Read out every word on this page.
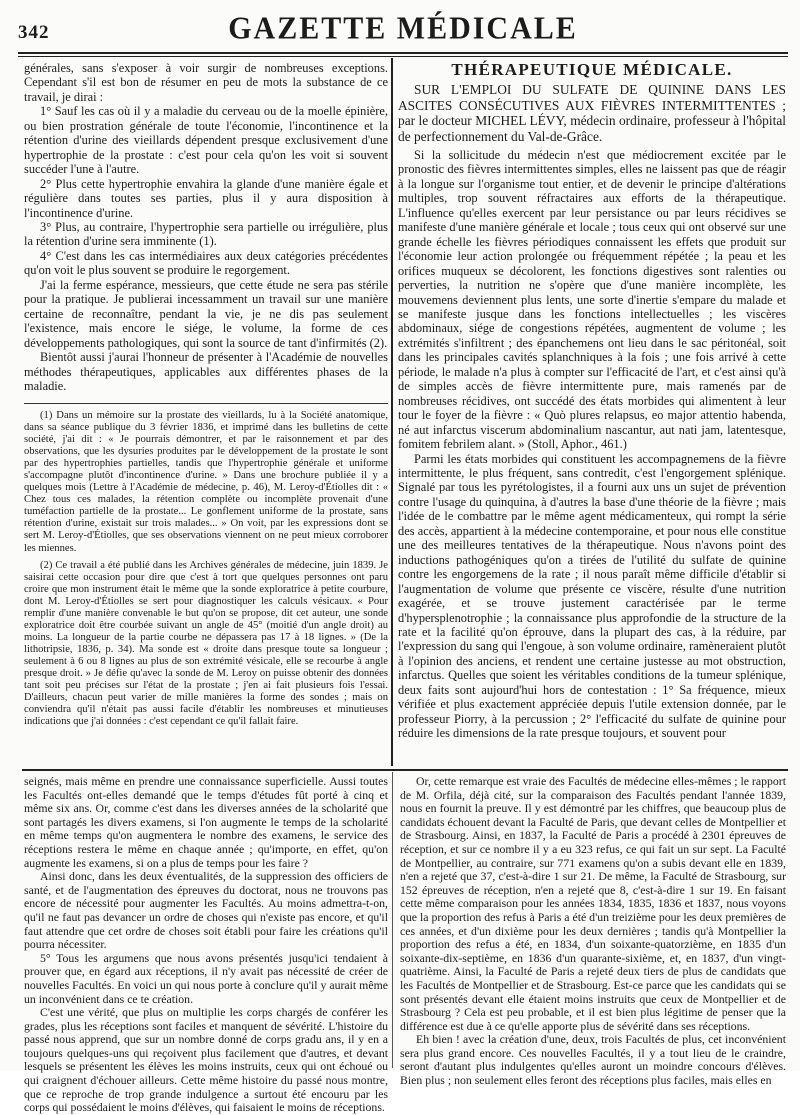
342	GAZETTE MÉDICALE

générales, sans s'exposer à voir surgir de nombreuses exceptions. Cependant s'il est bon de résumer en peu de mots la substance de ce travail, je dirai :

1° Sauf les cas où il y a maladie du cerveau ou de la moelle épinière, ou bien prostration générale de toute l'économie, l'incontinence et la rétention d'urine des vieillards dépendent presque exclusivement d'une hypertrophie de la prostate : c'est pour cela qu'on les voit si souvent succéder l'une à l'autre.

2° Plus cette hypertrophie envahira la glande d'une manière égale et régulière dans toutes ses parties, plus il y aura disposition à l'incontinence d'urine.

3° Plus, au contraire, l'hypertrophie sera partielle ou irrégulière, plus la rétention d'urine sera imminente (1).

4° C'est dans les cas intermédiaires aux deux catégories précédentes qu'on voit le plus souvent se produire le regorgement.

J'ai la ferme espérance, messieurs, que cette étude ne sera pas stérile pour la pratique. Je publierai incessamment un travail sur une manière certaine de reconnaître, pendant la vie, je ne dis pas seulement l'existence, mais encore le siége, le volume, la forme de ces développements pathologiques, qui sont la source de tant d'infirmités (2).

Bientôt aussi j'aurai l'honneur de présenter à l'Académie de nouvelles méthodes thérapeutiques, applicables aux différentes phases de la maladie.

(1) Dans un mémoire sur la prostate des vieillards, lu à la Société anatomique, dans sa séance publique du 3 février 1836, et imprimé dans les bulletins de cette société, j'ai dit : « Je pourrais démontrer, et par le raisonnement et par des observations, que les dysuries produites par le développement de la prostate le sont par des hypertrophies partielles, tandis que l'hypertrophie générale et uniforme s'accompagne plutôt d'incontinence d'urine. » Dans une brochure publiée il y a quelques mois (Lettre à l'Académie de médecine, p. 46), M. Leroy-d'Étiolles dit : « Chez tous ces malades, la rétention complète ou incomplète provenait d'une tuméfaction partielle de la prostate... Le gonflement uniforme de la prostate, sans rétention d'urine, existait sur trois malades... » On voit, par les expressions dont se sert M. Leroy-d'Étiolles, que ses observations viennent on ne peut mieux corroborer les miennes.

(2) Ce travail a été publié dans les Archives générales de médecine, juin 1839. Je saisirai cette occasion pour dire que c'est à tort que quelques personnes ont paru croire que mon instrument était le même que la sonde exploratrice à petite courbure, dont M. Leroy-d'Étiolles se sert pour diagnostiquer les calculs vésicaux. « Pour remplir d'une manière convenable le but qu'on se propose, dit cet auteur, une sonde exploratrice doit être courbée suivant un angle de 45° (moitié d'un angle droit) au moins. La longueur de la partie courbe ne dépassera pas 17 à 18 lignes. » (De la lithotripsie, 1836, p. 34). Ma sonde est « droite dans presque toute sa longueur ; seulement à 6 ou 8 lignes au plus de son extrémité vésicale, elle se recourbe à angle presque droit. » Je défie qu'avec la sonde de M. Leroy on puisse obtenir des données tant soit peu précises sur l'état de la prostate ; j'en ai fait plusieurs fois l'essai. D'ailleurs, chacun peut varier de mille manières la forme des sondes ; mais on conviendra qu'il n'était pas aussi facile d'établir les nombreuses et minutieuses indications que j'ai données : c'est cependant ce qu'il fallait faire.

THÉRAPEUTIQUE MÉDICALE.

SUR L'EMPLOI DU SULFATE DE QUININE DANS LES ASCITES CONSÉCUTIVES AUX FIÈVRES INTERMITTENTES ; par le docteur MICHEL LÉVY, médecin ordinaire, professeur à l'hôpital de perfectionnement du Val-de-Grâce.

Si la sollicitude du médecin n'est que médiocrement excitée par le pronostic des fièvres intermittentes simples, elles ne laissent pas que de réagir à la longue sur l'organisme tout entier, et de devenir le principe d'altérations multiples, trop souvent réfractaires aux efforts de la thérapeutique. L'influence qu'elles exercent par leur persistance ou par leurs récidives se manifeste d'une manière générale et locale ; tous ceux qui ont observé sur une grande échelle les fièvres périodiques connaissent les effets que produit sur l'économie leur action prolongée ou fréquemment répétée ; la peau et les orifices muqueux se décolorent, les fonctions digestives sont ralenties ou perverties, la nutrition ne s'opère que d'une manière incomplète, les mouvemens deviennent plus lents, une sorte d'inertie s'empare du malade et se manifeste jusque dans les fonctions intellectuelles ; les viscères abdominaux, siége de congestions répétées, augmentent de volume ; les extrémités s'infiltrent ; des épanchemens ont lieu dans le sac péritonéal, soit dans les principales cavités splanchniques à la fois ; une fois arrivé à cette période, le malade n'a plus à compter sur l'efficacité de l'art, et c'est ainsi qu'à de simples accès de fièvre intermittente pure, mais ramenés par de nombreuses récidives, ont succédé des états morbides qui alimentent à leur tour le foyer de la fièvre : « Quò plures relapsus, eo major attentio habenda, né aut infarctus viscerum abdominalium nascantur, aut nati jam, latentesque, fomitem febrilem alant. » (Stoll, Aphor., 461.)

Parmi les états morbides qui constituent les accompagnemens de la fièvre intermittente, le plus fréquent, sans contredit, c'est l'engorgement splénique. Signalé par tous les pyrétologistes, il a fourni aux uns un sujet de prévention contre l'usage du quinquina, à d'autres la base d'une théorie de la fièvre ; mais l'idée de le combattre par le même agent médicamenteux, qui rompt la série des accès, appartient à la médecine contemporaine, et pour nous elle constitue une des meilleures tentatives de la thérapeutique. Nous n'avons point des inductions pathogéniques qu'on a tirées de l'utilité du sulfate de quinine contre les engorgemens de la rate ; il nous paraît même difficile d'établir si l'augmentation de volume que présente ce viscère, résulte d'une nutrition exagérée, et se trouve justement caractérisée par le terme d'hypersplenotrophie ; la connaissance plus approfondie de la structure de la rate et la facilité qu'on éprouve, dans la plupart des cas, à la réduire, par l'expression du sang qui l'engoue, à son volume ordinaire, ramèneraient plutôt à l'opinion des anciens, et rendent une certaine justesse au mot obstruction, infarctus. Quelles que soient les véritables conditions de la tumeur splénique, deux faits sont aujourd'hui hors de contestation : 1° Sa fréquence, mieux vérifiée et plus exactement appréciée depuis l'utile extension donnée, par le professeur Piorry, à la percussion ; 2° l'efficacité du sulfate de quinine pour réduire les dimensions de la rate presque toujours, et souvent pour

seignés, mais même en prendre une connaissance superficielle. Aussi toutes les Facultés ont-elles demandé que le temps d'études fût porté à cinq et même six ans. Or, comme c'est dans les diverses années de la scholarité que sont partagés les divers examens, si l'on augmente le temps de la scholarité en même temps qu'on augmentera le nombre des examens, le service des réceptions restera le même en chaque année ; qu'importe, en effet, qu'on augmente les examens, si on a plus de temps pour les faire ?

Ainsi donc, dans les deux éventualités, de la suppression des officiers de santé, et de l'augmentation des épreuves du doctorat, nous ne trouvons pas encore de nécessité pour augmenter les Facultés. Au moins admettra-t-on, qu'il ne faut pas devancer un ordre de choses qui n'existe pas encore, et qu'il faut attendre que cet ordre de choses soit établi pour faire les créations qu'il pourra nécessiter.

5° Tous les argumens que nous avons présentés jusqu'ici tendaient à prouver que, en égard aux réceptions, il n'y avait pas nécessité de créer de nouvelles Facultés. En voici un qui nous porte à conclure qu'il y aurait même un inconvénient dans ce te création.

C'est une vérité, que plus on multiplie les corps chargés de conférer les grades, plus les réceptions sont faciles et manquent de sévérité. L'histoire du passé nous apprend, que sur un nombre donné de corps gradu ans, il y en a toujours quelques-uns qui reçoivent plus facilement que d'autres, et devant lesquels se présentent les élèves les moins instruits, ceux qui ont échoué ou qui craignent d'échouer ailleurs. Cette même histoire du passé nous montre, que ce reproche de trop grande indulgence a surtout été encouru par les corps qui possédaient le moins d'élèves, qui faisaient le moins de réceptions.

Or, cette remarque est vraie des Facultés de médecine elles-mêmes ; le rapport de M. Orfila, déjà cité, sur la comparaison des Facultés pendant l'année 1839, nous en fournit la preuve. Il y est démontré par les chiffres, que beaucoup plus de candidats échouent devant la Faculté de Paris, que devant celles de Montpellier et de Strasbourg. Ainsi, en 1837, la Faculté de Paris a procédé à 2301 épreuves de réception, et sur ce nombre il y a eu 323 refus, ce qui fait un sur sept. La Faculté de Montpellier, au contraire, sur 771 examens qu'on a subis devant elle en 1839, n'en a rejeté que 37, c'est-à-dire 1 sur 21. De même, la Faculté de Strasbourg, sur 152 épreuves de réception, n'en a rejeté que 8, c'est-à-dire 1 sur 19. En faisant cette même comparaison pour les années 1834, 1835, 1836 et 1837, nous voyons que la proportion des refus à Paris a été d'un treizième pour les deux premières de ces années, et d'un dixième pour les deux dernières ; tandis qu'à Montpellier la proportion des refus a été, en 1834, d'un soixante-quatorzième, en 1835 d'un soixante-dix-septième, en 1836 d'un quarante-sixième, et, en 1837, d'un vingt-quatrième. Ainsi, la Faculté de Paris a rejeté deux tiers de plus de candidats que les Facultés de Montpellier et de Strasbourg. Est-ce parce que les candidats qui se sont présentés devant elle étaient moins instruits que ceux de Montpellier et de Strasbourg ? Cela est peu probable, et il est bien plus légitime de penser que la différence est due à ce qu'elle apporte plus de sévérité dans ses réceptions.

Eh bien ! avec la création d'une, deux, trois Facultés de plus, cet inconvénient sera plus grand encore. Ces nouvelles Facultés, il y a tout lieu de le craindre, seront d'autant plus indulgentes qu'elles auront un moindre concours d'élèves. Bien plus ; non seulement elles feront des réceptions plus faciles, mais elles en
